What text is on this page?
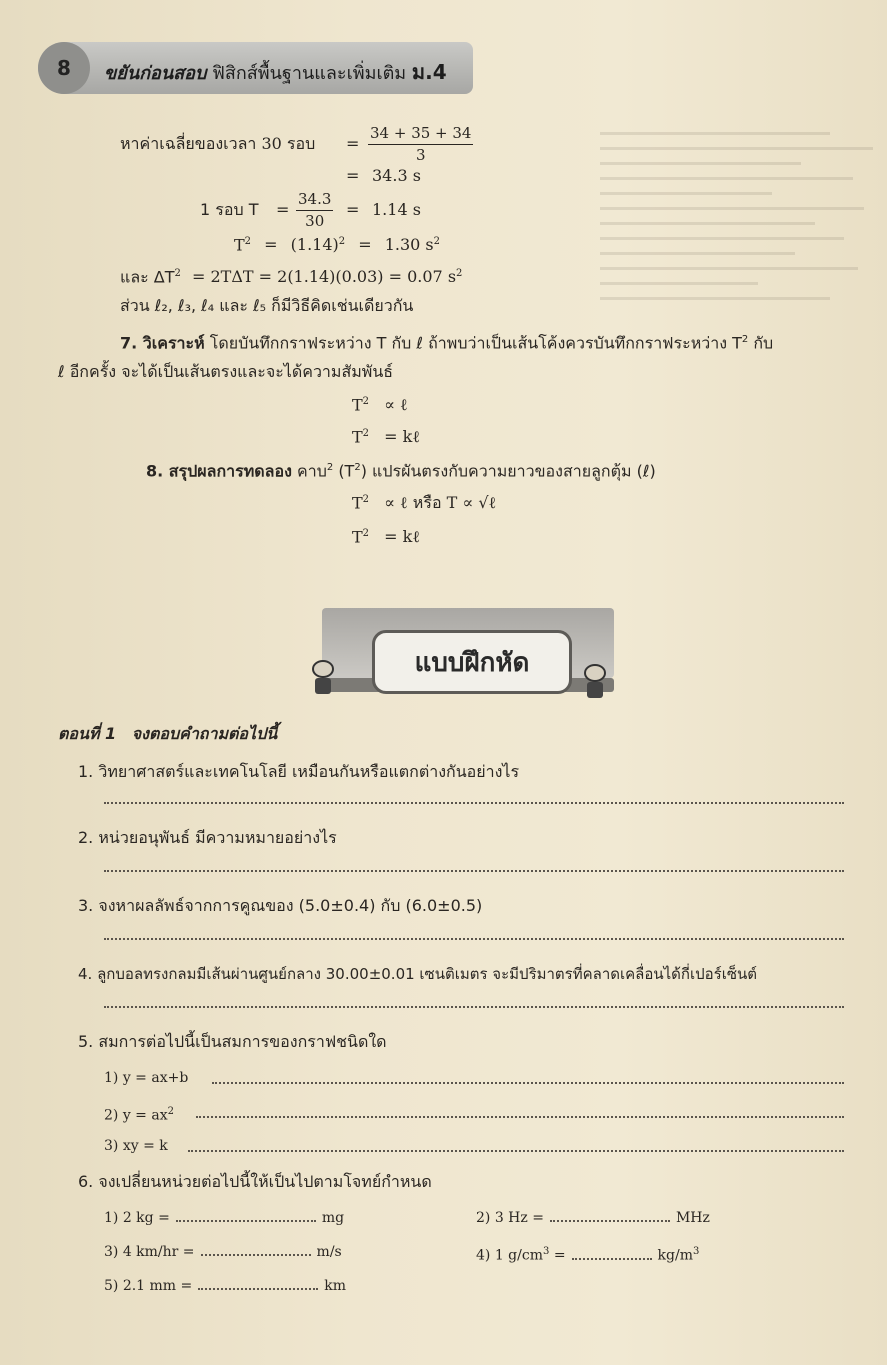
8	ขยันก่อนสอบ ฟิสิกส์พื้นฐานและเพิ่มเติม ม.4
หาค่าเฉลี่ยของเวลา 30 รอบ = $\frac{34 + 35 + 34}{3}$
= 34.3 s
1 รอบ $T = \frac{34.3}{30} = 1.14$ s
$T^2 = (1.14)^2 = 1.30$ $s^2$
และ $\Delta T^2 = 2T\Delta T = 2(1.14)(0.03) = 0.07$ $s^2$
ส่วน ℓ₂, ℓ₃, ℓ₄ และ ℓ₅ ก็มีวิธีคิดเช่นเดียวกัน
7. วิเคราะห์ โดยบันทึกกราฟระหว่าง T กับ ℓ ถ้าพบว่าเป็นเส้นโค้งควรบันทึกกราฟระหว่าง $T^2$ กับ
ℓ อีกครั้ง จะได้เป็นเส้นตรงและจะได้ความสัมพันธ์
$T^2$ ∝ ℓ
$T^2$ = kℓ
8. สรุปผลการทดลอง คาบ$^2$ $(T^2)$ แปรผันตรงกับความยาวของสายลูกตุ้ม (ℓ)
$T^2$ ∝ ℓ หรือ T ∝ √ℓ
$T^2$ = kℓ
แบบฝึกหัด
ตอนที่ 1 จงตอบคำถามต่อไปนี้
1. วิทยาศาสตร์และเทคโนโลยี เหมือนกันหรือแตกต่างกันอย่างไร
2. หน่วยอนุพันธ์ มีความหมายอย่างไร
3. จงหาผลลัพธ์จากการคูณของ (5.0±0.4) กับ (6.0±0.5)
4. ลูกบอลทรงกลมมีเส้นผ่านศูนย์กลาง 30.00±0.01 เซนติเมตร จะมีปริมาตรที่คลาดเคลื่อนได้กี่เปอร์เซ็นต์
5. สมการต่อไปนี้เป็นสมการของกราฟชนิดใด
1) y = ax+b
2) $y = ax^2$
3) xy = k
6. จงเปลี่ยนหน่วยต่อไปนี้ให้เป็นไปตามโจทย์กำหนด
1) 2 kg =	mg	2) 3 Hz =	MHz
3) 4 km/hr =	m/s	4) 1 $g/cm^3$ =	$kg/m^3$
5) 2.1 mm =	km
